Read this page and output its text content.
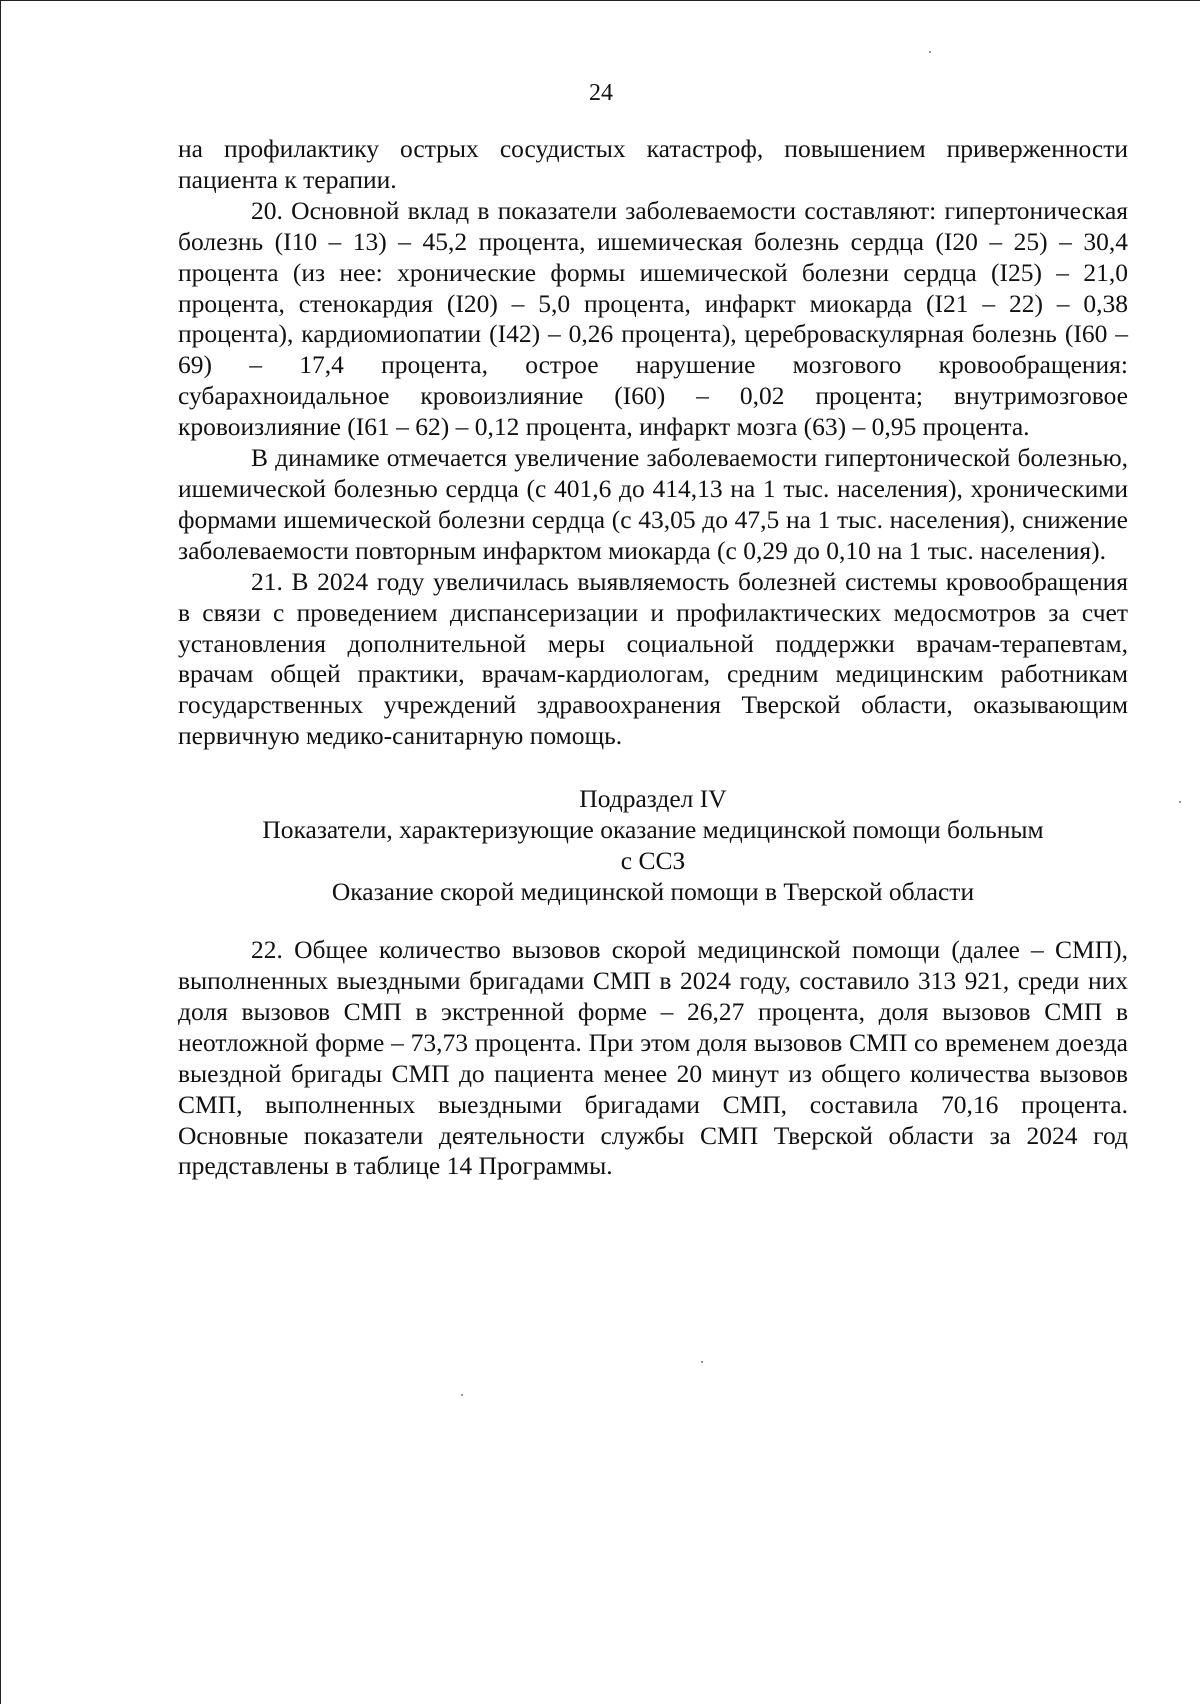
24

на профилактику острых сосудистых катастроф, повышением приверженности пациента к терапии.

20. Основной вклад в показатели заболеваемости составляют: гипертоническая болезнь (I10 – 13) – 45,2 процента, ишемическая болезнь сердца (I20 – 25) – 30,4 процента (из нее: хронические формы ишемической болезни сердца (I25) – 21,0 процента, стенокардия (I20) – 5,0 процента, инфаркт миокарда (I21 – 22) – 0,38 процента), кардиомиопатии (I42) – 0,26 процента), цереброваскулярная болезнь (I60 – 69) – 17,4 процента, острое нарушение мозгового кровообращения: субарахноидальное кровоизлияние (I60) – 0,02 процента; внутримозговое кровоизлияние (I61 – 62) – 0,12 процента, инфаркт мозга (63) – 0,95 процента.

В динамике отмечается увеличение заболеваемости гипертонической болезнью, ишемической болезнью сердца (с 401,6 до 414,13 на 1 тыс. населения), хроническими формами ишемической болезни сердца (с 43,05 до 47,5 на 1 тыс. населения), снижение заболеваемости повторным инфарктом миокарда (с 0,29 до 0,10 на 1 тыс. населения).

21. В 2024 году увеличилась выявляемость болезней системы кровообращения в связи с проведением диспансеризации и профилактических медосмотров за счет установления дополнительной меры социальной поддержки врачам-терапевтам, врачам общей практики, врачам-кардиологам, средним медицинским работникам государственных учреждений здравоохранения Тверской области, оказывающим первичную медико-санитарную помощь.

Подраздел IV
Показатели, характеризующие оказание медицинской помощи больным
с ССЗ
Оказание скорой медицинской помощи в Тверской области

22. Общее количество вызовов скорой медицинской помощи (далее – СМП), выполненных выездными бригадами СМП в 2024 году, составило 313 921, среди них доля вызовов СМП в экстренной форме – 26,27 процента, доля вызовов СМП в неотложной форме – 73,73 процента. При этом доля вызовов СМП со временем доезда выездной бригады СМП до пациента менее 20 минут из общего количества вызовов СМП, выполненных выездными бригадами СМП, составила 70,16 процента. Основные показатели деятельности службы СМП Тверской области за 2024 год представлены в таблице 14 Программы.
